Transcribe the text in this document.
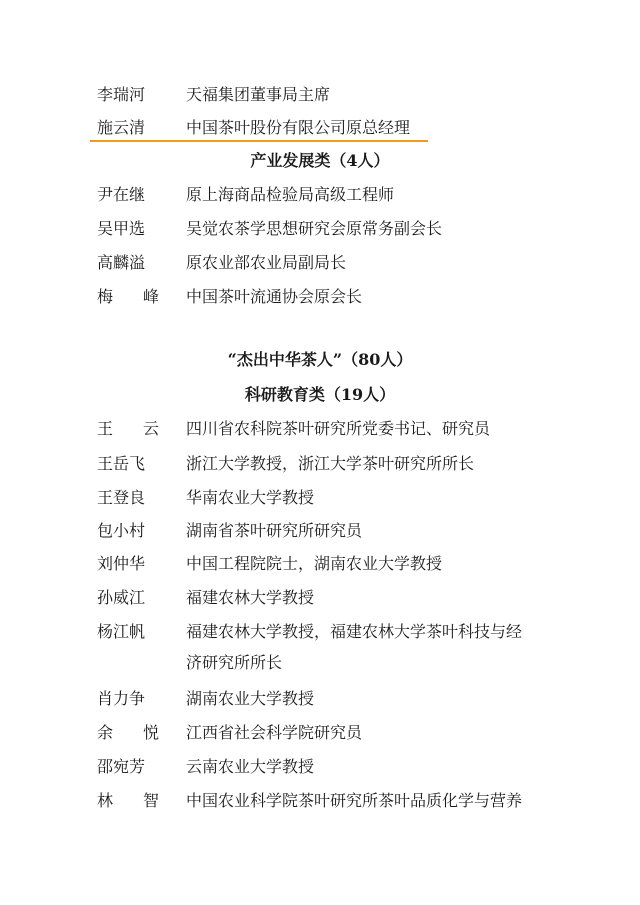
李瑞河	天福集团董事局主席
施云清	中国茶叶股份有限公司原总经理
产业发展类（4人）
尹在继	原上海商品检验局高级工程师
吴甲选	吴觉农茶学思想研究会原常务副会长
高麟溢	原农业部农业局副局长
梅峰 中国茶叶流通协会原会长
“杰出中华茶人”（80人）
科研教育类（19人）
王云 四川省农科院茶叶研究所党委书记、研究员
王岳飞	浙江大学教授，浙江大学茶叶研究所所长
王登良	华南农业大学教授
包小村	湖南省茶叶研究所研究员
刘仲华	中国工程院院士，湖南农业大学教授
孙威江	福建农林大学教授
杨江帆	福建农林大学教授，福建农林大学茶叶科技与经
济研究所所长
肖力争	湖南农业大学教授
余悦 江西省社会科学院研究员
邵宛芳	云南农业大学教授
林智 中国农业科学院茶叶研究所茶叶品质化学与营养
